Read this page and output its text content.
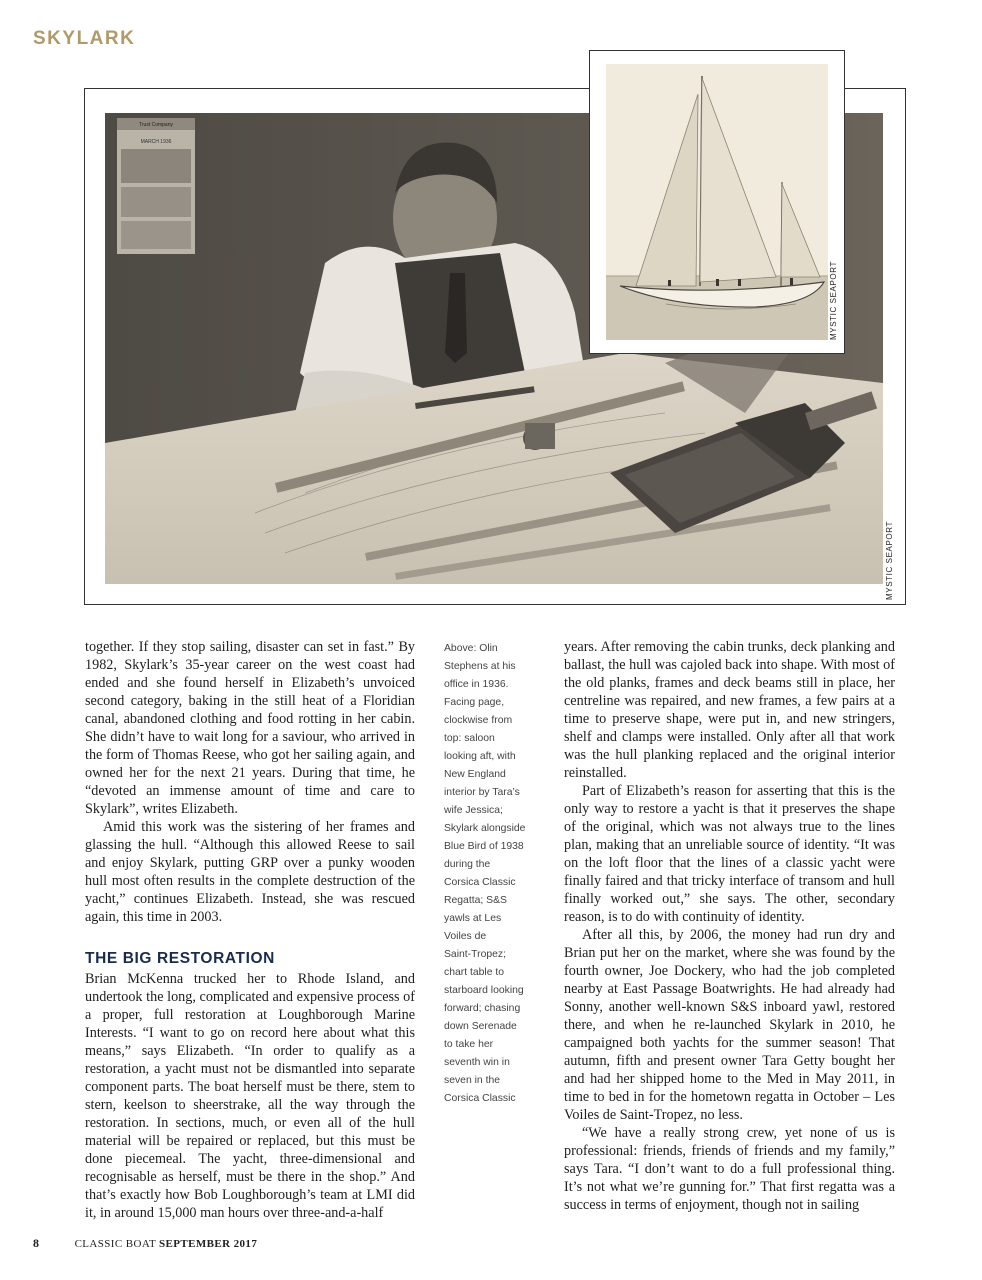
SKYLARK
Trust Company
MARCH 1936
MYSTIC SEAPORT
MYSTIC SEAPORT

together. If they stop sailing, disaster can set in fast.” By 1982, Skylark’s 35-year career on the west coast had ended and she found herself in Elizabeth’s unvoiced second category, baking in the still heat of a Floridian canal, abandoned clothing and food rotting in her cabin. She didn’t have to wait long for a saviour, who arrived in the form of Thomas Reese, who got her sailing again, and owned her for the next 21 years. During that time, he “devoted an immense amount of time and care to Skylark”, writes Elizabeth.

Amid this work was the sistering of her frames and glassing the hull. “Although this allowed Reese to sail and enjoy Skylark, putting GRP over a punky wooden hull most often results in the complete destruction of the yacht,” continues Elizabeth. Instead, she was rescued again, this time in 2003.

THE BIG RESTORATION

Brian McKenna trucked her to Rhode Island, and undertook the long, complicated and expensive process of a proper, full restoration at Loughborough Marine Interests. “I want to go on record here about what this means,” says Elizabeth. “In order to qualify as a restoration, a yacht must not be dismantled into separate component parts. The boat herself must be there, stem to stern, keelson to sheerstrake, all the way through the restoration. In sections, much, or even all of the hull material will be repaired or replaced, but this must be done piecemeal. The yacht, three-dimensional and recognisable as herself, must be there in the shop.” And that’s exactly how Bob Loughborough’s team at LMI did it, in around 15,000 man hours over three-and-a-half

Above: Olin
Stephens at his
office in 1936.
Facing page,
clockwise from
top: saloon
looking aft, with
New England
interior by Tara’s
wife Jessica;
Skylark alongside
Blue Bird of 1938
during the
Corsica Classic
Regatta; S&S
yawls at Les
Voiles de
Saint-Tropez;
chart table to
starboard looking
forward; chasing
down Serenade
to take her
seventh win in
seven in the
Corsica Classic

years. After removing the cabin trunks, deck planking and ballast, the hull was cajoled back into shape. With most of the old planks, frames and deck beams still in place, her centreline was repaired, and new frames, a few pairs at a time to preserve shape, were put in, and new stringers, shelf and clamps were installed. Only after all that work was the hull planking replaced and the original interior reinstalled.

Part of Elizabeth’s reason for asserting that this is the only way to restore a yacht is that it preserves the shape of the original, which was not always true to the lines plan, making that an unreliable source of identity. “It was on the loft floor that the lines of a classic yacht were finally faired and that tricky interface of transom and hull finally worked out,” she says. The other, secondary reason, is to do with continuity of identity.

After all this, by 2006, the money had run dry and Brian put her on the market, where she was found by the fourth owner, Joe Dockery, who had the job completed nearby at East Passage Boatwrights. He had already had Sonny, another well-known S&S inboard yawl, restored there, and when he re-launched Skylark in 2010, he campaigned both yachts for the summer season! That autumn, fifth and present owner Tara Getty bought her and had her shipped home to the Med in May 2011, in time to bed in for the hometown regatta in October – Les Voiles de Saint-Tropez, no less.

“We have a really strong crew, yet none of us is professional: friends, friends of friends and my family,” says Tara. “I don’t want to do a full professional thing. It’s not what we’re gunning for.” That first regatta was a success in terms of enjoyment, though not in sailing

8	CLASSIC BOAT SEPTEMBER 2017
